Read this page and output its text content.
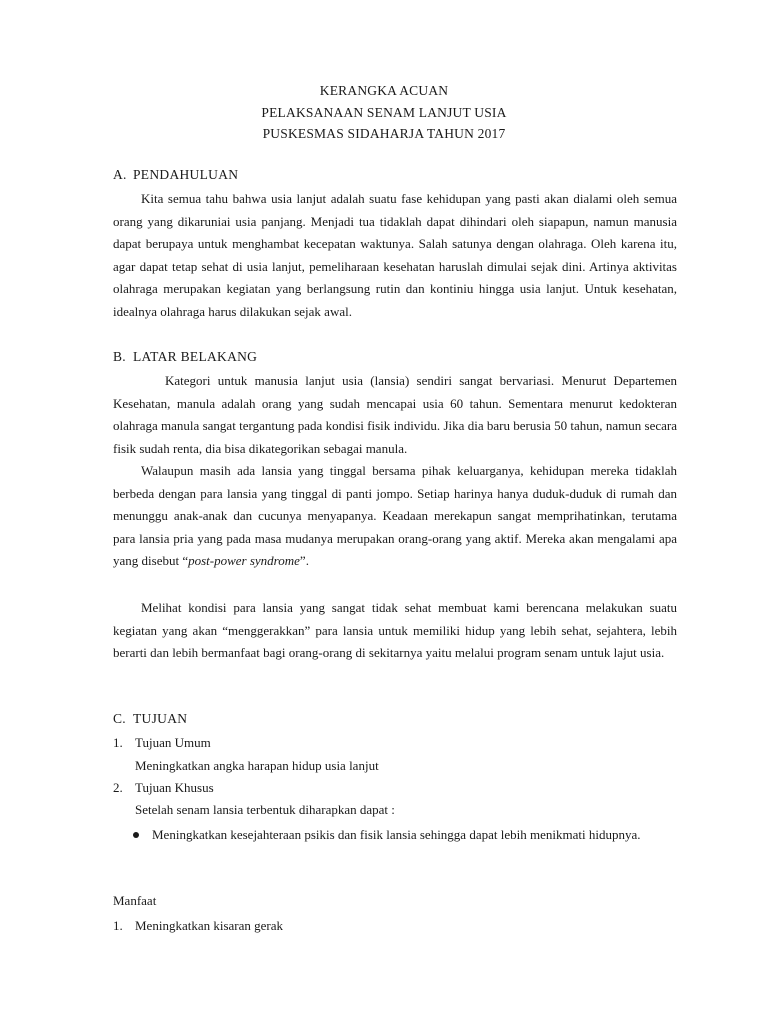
KERANGKA ACUAN
PELAKSANAAN SENAM LANJUT USIA
PUSKESMAS SIDAHARJA TAHUN 2017
A. PENDAHULUAN
Kita semua tahu bahwa usia lanjut adalah suatu fase kehidupan yang pasti akan dialami oleh semua orang yang dikaruniai usia panjang. Menjadi tua tidaklah dapat dihindari oleh siapapun, namun manusia dapat berupaya untuk menghambat kecepatan waktunya. Salah satunya dengan olahraga. Oleh karena itu, agar dapat tetap sehat di usia lanjut, pemeliharaan kesehatan haruslah dimulai sejak dini. Artinya aktivitas olahraga merupakan kegiatan yang berlangsung rutin dan kontiniu hingga usia lanjut. Untuk kesehatan, idealnya olahraga harus dilakukan sejak awal.
B. LATAR BELAKANG
Kategori untuk manusia lanjut usia (lansia) sendiri sangat bervariasi. Menurut Departemen Kesehatan, manula adalah orang yang sudah mencapai usia 60 tahun. Sementara menurut kedokteran olahraga manula sangat tergantung pada kondisi fisik individu. Jika dia baru berusia 50 tahun, namun secara fisik sudah renta, dia bisa dikategorikan sebagai manula.
Walaupun masih ada lansia yang tinggal bersama pihak keluarganya, kehidupan mereka tidaklah berbeda dengan para lansia yang tinggal di panti jompo. Setiap harinya hanya duduk-duduk di rumah dan menunggu anak-anak dan cucunya menyapanya. Keadaan merekapun sangat memprihatinkan, terutama para lansia pria yang pada masa mudanya merupakan orang-orang yang aktif. Mereka akan mengalami apa yang disebut “post-power syndrome”.
Melihat kondisi para lansia yang sangat tidak sehat membuat kami berencana melakukan suatu kegiatan yang akan “menggerakkan” para lansia untuk memiliki hidup yang lebih sehat, sejahtera, lebih berarti dan lebih bermanfaat bagi orang-orang di sekitarnya yaitu melalui program senam untuk lajut usia.
C. TUJUAN
1. Tujuan Umum
Meningkatkan angka harapan hidup usia lanjut
2. Tujuan Khusus
Setelah senam lansia terbentuk diharapkan dapat :
Meningkatkan kesejahteraan psikis dan fisik lansia sehingga dapat lebih menikmati hidupnya.
Manfaat
1. Meningkatkan kisaran gerak
